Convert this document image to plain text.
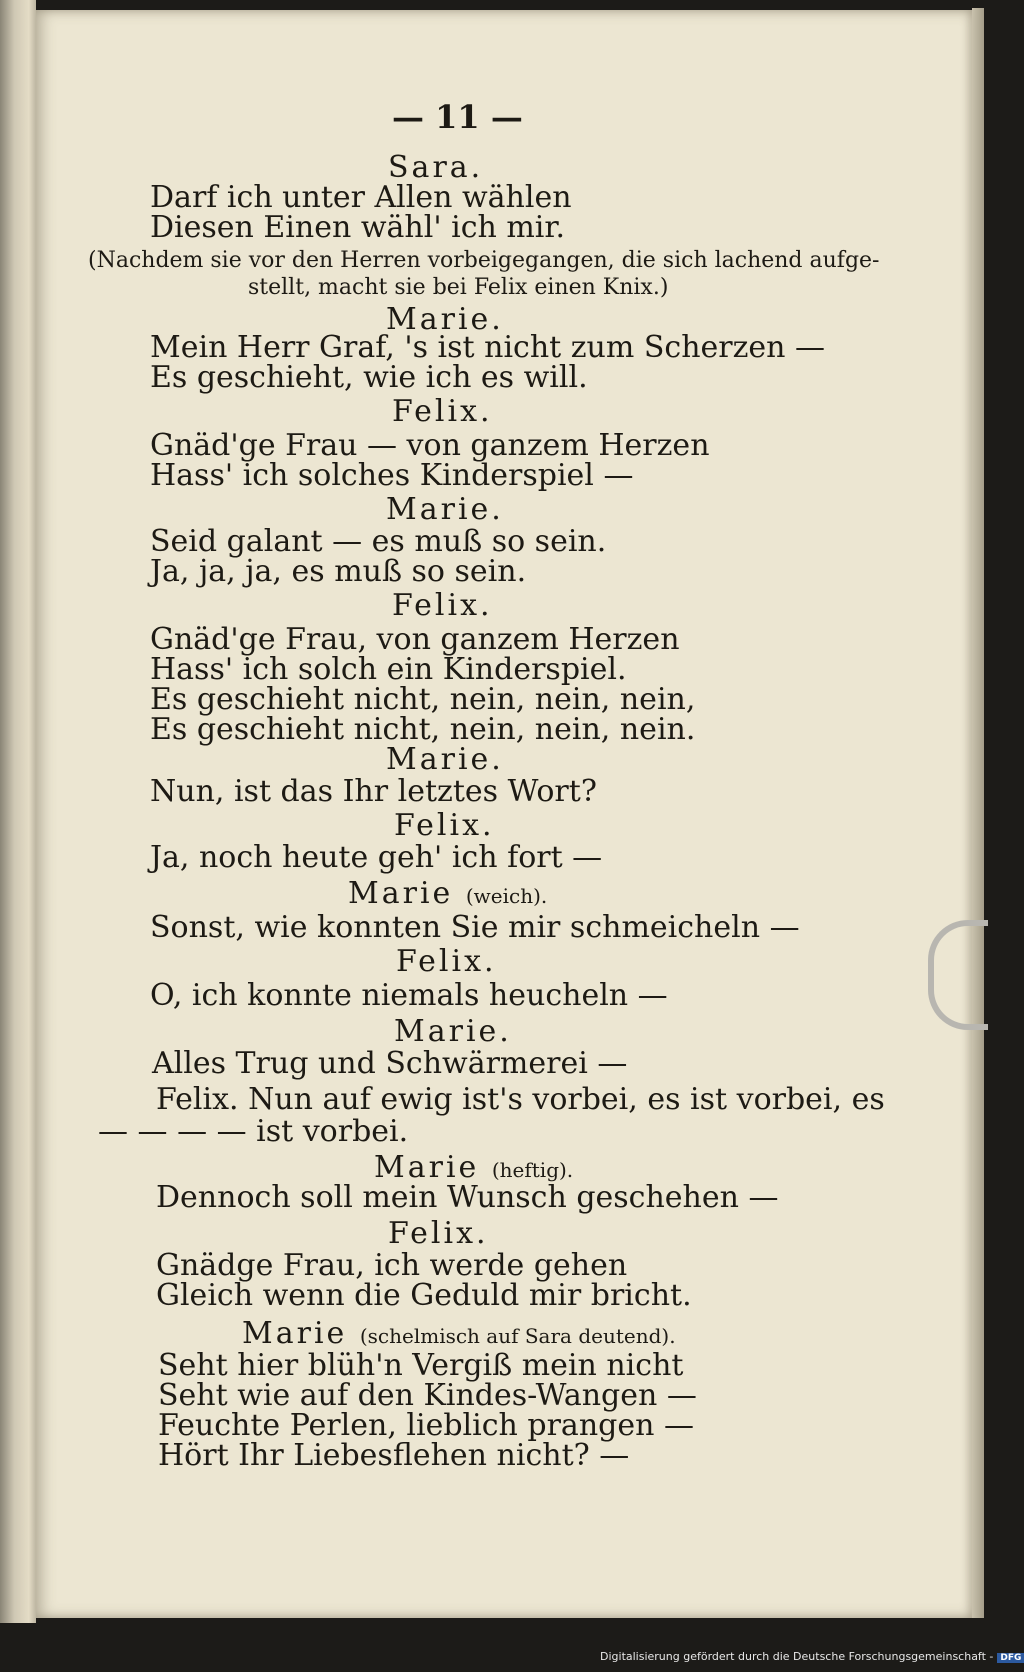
— 11 —
Sara.
Darf ich unter Allen wählen
Diesen Einen wähl' ich mir.
(Nachdem sie vor den Herren vorbeigegangen, die sich lachend aufge-
stellt, macht sie bei Felix einen Knix.)
Marie.
Mein Herr Graf, 's ist nicht zum Scherzen —
Es geschieht, wie ich es will.
Felix.
Gnäd'ge Frau — von ganzem Herzen
Hass' ich solches Kinderspiel —
Marie.
Seid galant — es muß so sein.
Ja, ja, ja, es muß so sein.
Felix.
Gnäd'ge Frau, von ganzem Herzen
Hass' ich solch ein Kinderspiel.
Es geschieht nicht, nein, nein, nein,
Es geschieht nicht, nein, nein, nein.
Marie.
Nun, ist das Ihr letztes Wort?
Felix.
Ja, noch heute geh' ich fort —
Marie (weich).
Sonst, wie konnten Sie mir schmeicheln —
Felix.
O, ich konnte niemals heucheln —
Marie.
Alles Trug und Schwärmerei —
Felix. Nun auf ewig ist's vorbei, es ist vorbei, es
— — — — ist vorbei.
Marie (heftig).
Dennoch soll mein Wunsch geschehen —
Felix.
Gnädge Frau, ich werde gehen
Gleich wenn die Geduld mir bricht.
Marie (schelmisch auf Sara deutend).
Seht hier blüh'n Vergiß mein nicht
Seht wie auf den Kindes-Wangen —
Feuchte Perlen, lieblich prangen —
Hört Ihr Liebesflehen nicht? —
Digitalisierung gefördert durch die Deutsche Forschungsgemeinschaft - DFG
